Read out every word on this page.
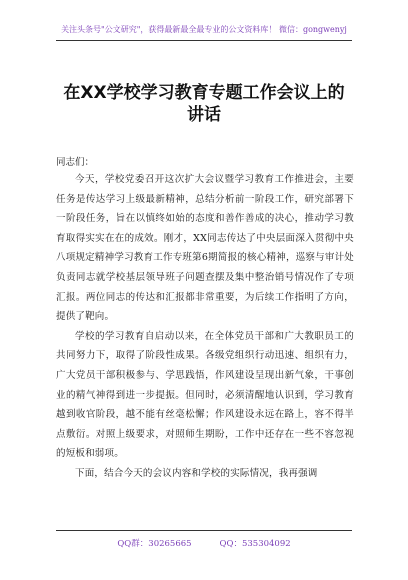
关注头条号"公文研究"，获得最新最全最专业的公文资料库！ 微信：gongwenyj
在XX学校学习教育专题工作会议上的
讲话
同志们：

今天，学校党委召开这次扩大会议暨学习教育工作推进会，主要任务是传达学习上级最新精神，总结分析前一阶段工作，研究部署下一阶段任务，旨在以慎终如始的态度和善作善成的决心，推动学习教育取得实实在在的成效。刚才，XX同志传达了中央层面深入贯彻中央八项规定精神学习教育工作专班第6期简报的核心精神，巡察与审计处负责同志就学校基层领导班子问题查摆及集中整治销号情况作了专项汇报。两位同志的传达和汇报都非常重要，为后续工作指明了方向，提供了靶向。

学校的学习教育自启动以来，在全体党员干部和广大教职员工的共同努力下，取得了阶段性成果。各级党组织行动迅速、组织有力，广大党员干部积极参与、学思践悟，作风建设呈现出新气象，干事创业的精气神得到进一步提振。但同时，必须清醒地认识到，学习教育越到收官阶段，越不能有丝毫松懈；作风建设永远在路上，容不得半点敷衍。对照上级要求，对照师生期盼，工作中还存在一些不容忽视的短板和弱项。

下面，结合今天的会议内容和学校的实际情况，我再强调

QQ群：30265665	QQ：535304092
